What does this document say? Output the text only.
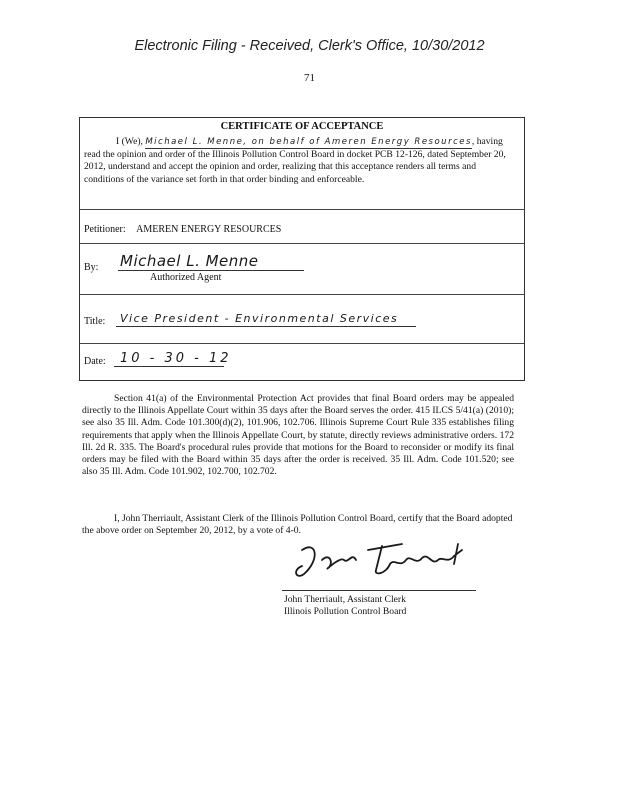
Electronic Filing - Received, Clerk's Office, 10/30/2012
71
CERTIFICATE OF ACCEPTANCE
I (We), Michael L. Menne, on behalf of Ameren Energy Resources, having read the opinion and order of the Illinois Pollution Control Board in docket PCB 12-126, dated September 20, 2012, understand and accept the opinion and order, realizing that this acceptance renders all terms and conditions of the variance set forth in that order binding and enforceable.
Petitioner: AMEREN ENERGY RESOURCES
By: Michael L. Menne
Authorized Agent
Title: Vice President - Environmental Services
Date: 10 - 30 - 12
Section 41(a) of the Environmental Protection Act provides that final Board orders may be appealed directly to the Illinois Appellate Court within 35 days after the Board serves the order. 415 ILCS 5/41(a) (2010); see also 35 Ill. Adm. Code 101.300(d)(2), 101.906, 102.706. Illinois Supreme Court Rule 335 establishes filing requirements that apply when the Illinois Appellate Court, by statute, directly reviews administrative orders. 172 Ill. 2d R. 335. The Board's procedural rules provide that motions for the Board to reconsider or modify its final orders may be filed with the Board within 35 days after the order is received. 35 Ill. Adm. Code 101.520; see also 35 Ill. Adm. Code 101.902, 102.700, 102.702.
I, John Therriault, Assistant Clerk of the Illinois Pollution Control Board, certify that the Board adopted the above order on September 20, 2012, by a vote of 4-0.
John Therriault, Assistant Clerk
Illinois Pollution Control Board
